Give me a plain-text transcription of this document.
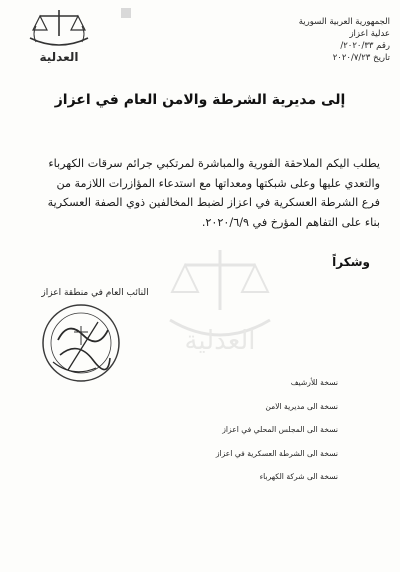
العدلية
العدلية
الجمهورية العربية السورية
عدلية اعزاز
رقم ٢٠٢٠/٣٣/
تاريخ ٢٠٢٠/٧/٢٣
إلى مديرية الشرطة والامن العام في اعزاز
يطلب اليكم الملاحقة الفورية والمباشرة لمرتكبي جرائم سرقات الكهرباء
والتعدي عليها وعلى شبكتها ومعداتها مع استدعاء المؤازرات اللازمة من
فرع الشرطة العسكرية في اعزاز لضبط المخالفين ذوي الصفة العسكرية
بناء على التفاهم المؤرخ في ٢٠٢٠/٦/٩.
وشكراً
النائب العام في منطقة اعزاز
نسخة للأرشيف
نسخة الى مديرية الامن
نسخة الى المجلس المحلي في اعزاز
نسخة الى الشرطة العسكرية في اعزاز
نسخة الى شركة الكهرباء
